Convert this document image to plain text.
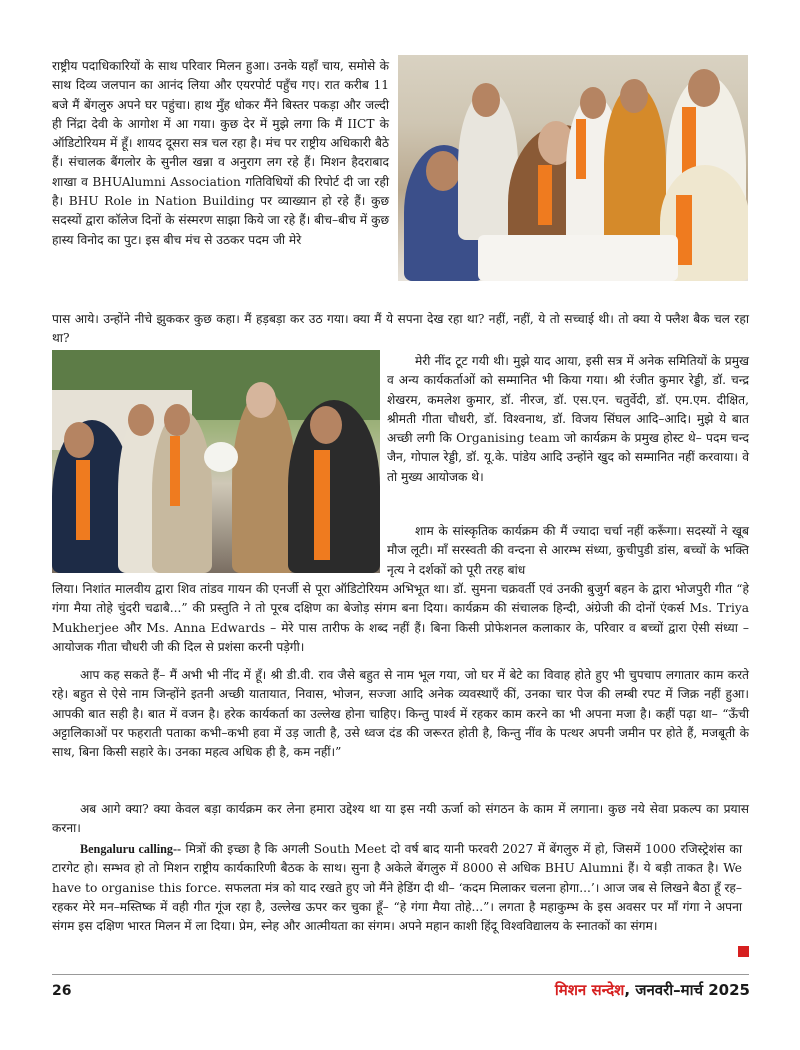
राष्ट्रीय पदाधिकारियों के साथ परिवार मिलन हुआ। उनके यहाँ चाय, समोसे के साथ दिव्य जलपान का आनंद लिया और एयरपोर्ट पहुँच गए। रात करीब 11 बजे मैं बेंगलुरु अपने घर पहुंचा। हाथ मुँह धोकर मैंने बिस्तर पकड़ा और जल्दी ही निंद्रा देवी के आगोश में आ गया। कुछ देर में मुझे लगा कि मैं IICT के ऑडिटोरियम में हूँ। शायद दूसरा सत्र चल रहा है। मंच पर राष्ट्रीय अधिकारी बैठे हैं। संचालक बैंगलोर के सुनील खन्ना व अनुराग लग रहे हैं। मिशन हैदराबाद शाखा व BHUAlumni Association गतिविधियों की रिपोर्ट दी जा रही है। BHU Role in Nation Building पर व्याख्यान हो रहे हैं। कुछ सदस्यों द्वारा कॉलेज दिनों के संस्मरण साझा किये जा रहे हैं। बीच–बीच में कुछ हास्य विनोद का पुट। इस बीच मंच से उठकर पदम जी मेरे

पास आये। उन्होंने नीचे झुककर कुछ कहा। मैं हड़बड़ा कर उठ गया। क्या मैं ये सपना देख रहा था? नहीं, नहीं, ये तो सच्चाई थी। तो क्या ये फ्लैश बैक चल रहा था?

मेरी नींद टूट गयी थी। मुझे याद आया, इसी सत्र में अनेक समितियों के प्रमुख व अन्य कार्यकर्ताओं को सम्मानित भी किया गया। श्री रंजीत कुमार रेड्डी, डॉ. चन्द्र शेखरम, कमलेश कुमार, डॉ. नीरज, डॉ. एस.एन. चतुर्वेदी, डॉ. एम.एम. दीक्षित, श्रीमती गीता चौधरी, डॉ. विश्वनाथ, डॉ. विजय सिंघल आदि–आदि। मुझे ये बात अच्छी लगी कि Organising team जो कार्यक्रम के प्रमुख होस्ट थे– पदम चन्द जैन, गोपाल रेड्डी, डॉ. यू.के. पांडेय आदि उन्होंने खुद को सम्मानित नहीं करवाया। वे तो मुख्य आयोजक थे।

शाम के सांस्कृतिक कार्यक्रम की मैं ज्यादा चर्चा नहीं करूँगा। सदस्यों ने खूब मौज लूटी। माँ सरस्वती की वन्दना से आरम्भ संध्या, कुचीपुडी डांस, बच्चों के भक्ति नृत्य ने दर्शकों को पूरी तरह बांध

लिया। निशांत मालवीय द्वारा शिव तांडव गायन की एनर्जी से पूरा ऑडिटोरियम अभिभूत था। डॉ. सुमना चक्रवर्ती एवं उनकी बुजुर्ग बहन के द्वारा भोजपुरी गीत “हे गंगा मैया तोहे चुंदरी चढाबै...” की प्रस्तुति ने तो पूरब दक्षिण का बेजोड़ संगम बना दिया। कार्यक्रम की संचालक हिन्दी, अंग्रेजी की दोनों एंकर्स Ms. Triya Mukherjee और Ms. Anna Edwards – मेरे पास तारीफ के शब्द नहीं हैं। बिना किसी प्रोफेशनल कलाकार के, परिवार व बच्चों द्वारा ऐसी संध्या – आयोजक गीता चौधरी जी की दिल से प्रशंसा करनी पड़ेगी।

आप कह सकते हैं– मैं अभी भी नींद में हूँ। श्री डी.वी. राव जैसे बहुत से नाम भूल गया, जो घर में बेटे का विवाह होते हुए भी चुपचाप लगातार काम करते रहे। बहुत से ऐसे नाम जिन्होंने इतनी अच्छी यातायात, निवास, भोजन, सज्जा आदि अनेक व्यवस्थाएँ कीं, उनका चार पेज की लम्बी रपट में जिक्र नहीं हुआ। आपकी बात सही है। बात में वजन है। हरेक कार्यकर्ता का उल्लेख होना चाहिए। किन्तु पार्श्व में रहकर काम करने का भी अपना मजा है। कहीं पढ़ा था– “ऊँची अट्टालिकाओं पर फहराती पताका कभी–कभी हवा में उड़ जाती है, उसे ध्वज दंड की जरूरत होती है, किन्तु नींव के पत्थर अपनी जमीन पर होते हैं, मजबूती के साथ, बिना किसी सहारे के। उनका महत्व अधिक ही है, कम नहीं।”

अब आगे क्या? क्या केवल बड़ा कार्यक्रम कर लेना हमारा उद्देश्य था या इस नयी ऊर्जा को संगठन के काम में लगाना। कुछ नये सेवा प्रकल्प का प्रयास करना।

Bengaluru calling-- मित्रों की इच्छा है कि अगली South Meet दो वर्ष बाद यानी फरवरी 2027 में बेंगलुरु में हो, जिसमें 1000 रजिस्ट्रेशंस का टारगेट हो। सम्भव हो तो मिशन राष्ट्रीय कार्यकारिणी बैठक के साथ। सुना है अकेले बेंगलुरु में 8000 से अधिक BHU Alumni हैं। ये बड़ी ताकत है। We have to organise this force. सफलता मंत्र को याद रखते हुए जो मैंने हेडिंग दी थी– ‘कदम मिलाकर चलना होगा...’। आज जब से लिखने बैठा हूँ रह–रहकर मेरे मन–मस्तिष्क में वही गीत गूंज रहा है, उल्लेख ऊपर कर चुका हूँ– “हे गंगा मैया तोहे...”। लगता है महाकुम्भ के इस अवसर पर माँ गंगा ने अपना संगम इस दक्षिण भारत मिलन में ला दिया। प्रेम, स्नेह और आत्मीयता का संगम। अपने महान काशी हिंदू विश्वविद्यालय के स्नातकों का संगम।

26	मिशन सन्देश, जनवरी–मार्च 2025
